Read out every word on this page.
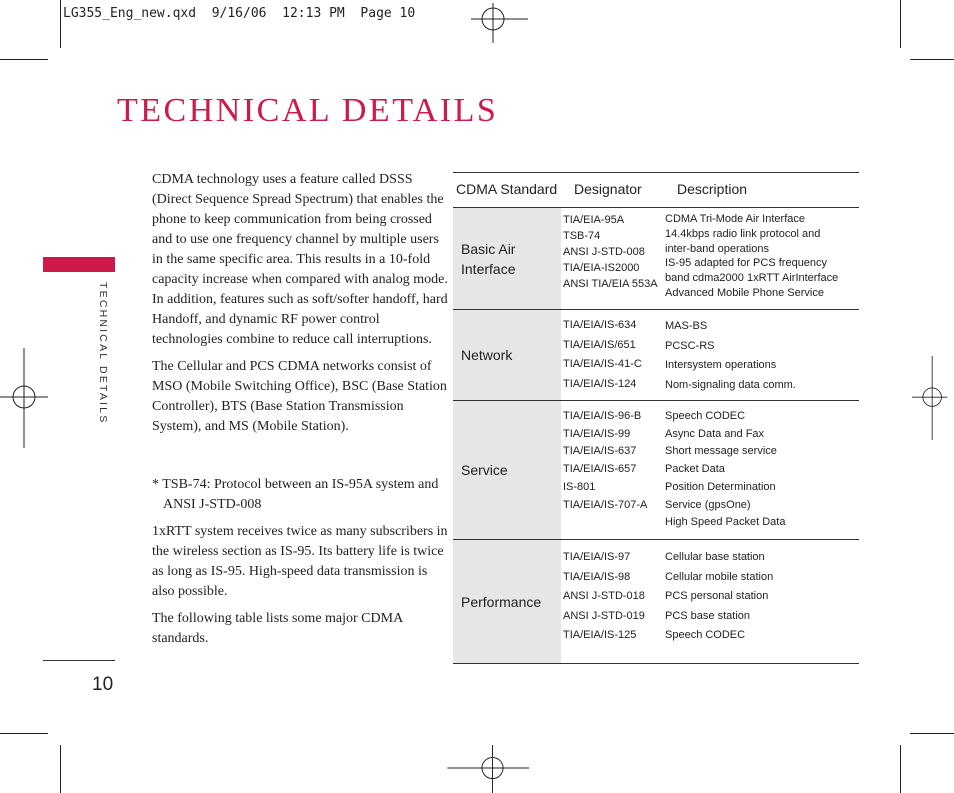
LG355_Eng_new.qxd  9/16/06  12:13 PM  Page 10
TECHNICAL DETAILS
TECHNICAL DETAILS
10

CDMA technology uses a feature called DSSS (Direct Sequence Spread Spectrum) that enables the phone to keep communication from being crossed and to use one frequency channel by multiple users in the same specific area. This results in a 10-fold capacity increase when compared with analog mode. In addition, features such as soft/softer handoff, hard Handoff, and dynamic RF power control technologies combine to reduce call interruptions.

The Cellular and PCS CDMA networks consist of MSO (Mobile Switching Office), BSC (Base Station Controller), BTS (Base Station Transmission System), and MS (Mobile Station).

* TSB-74: Protocol between an IS-95A system and ANSI J-STD-008

1xRTT system receives twice as many subscribers in the wireless section as IS-95. Its battery life is twice as long as IS-95. High-speed data transmission is also possible.

The following table lists some major CDMA standards.

CDMA Standard Designator	Description
Basic Air Interface
TIA/EIA-95A
TSB-74
ANSI J-STD-008
TIA/EIA-IS2000
ANSI TIA/EIA 553A
CDMA Tri-Mode Air Interface
14.4kbps radio link protocol and
inter-band operations
IS-95 adapted for PCS frequency
band cdma2000 1xRTT AirInterface
Advanced Mobile Phone Service
Network
TIA/EIA/IS-634
TIA/EIA/IS/651
TIA/EIA/IS-41-C
TIA/EIA/IS-124
MAS-BS
PCSC-RS
Intersystem operations
Nom-signaling data comm.
Service
TIA/EIA/IS-96-B
TIA/EIA/IS-99
TIA/EIA/IS-637
TIA/EIA/IS-657
IS-801
TIA/EIA/IS-707-A
Speech CODEC
Async Data and Fax
Short message service
Packet Data
Position Determination
Service (gpsOne)
High Speed Packet Data
Performance
TIA/EIA/IS-97
TIA/EIA/IS-98
ANSI J-STD-018
ANSI J-STD-019
TIA/EIA/IS-125
Cellular base station
Cellular mobile station
PCS personal station
PCS base station
Speech CODEC
